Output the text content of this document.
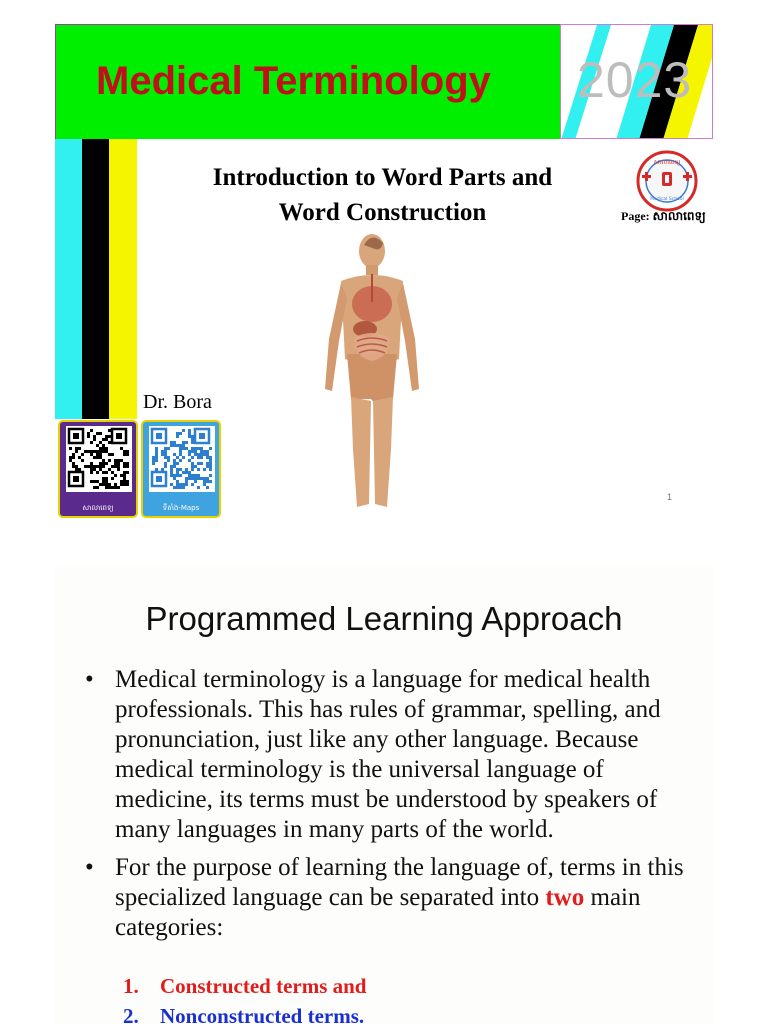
Medical Terminology 2023
Introduction to Word Parts and
Word Construction
សាលាពេទ្យ
Medical School
Page: សាលាពេទ្យ
Dr. Bora
សាលាពេទ្យ	ទីតាំង-Maps
1
Programmed Learning Approach
• Medical terminology is a language for medical health professionals. This has rules of grammar, spelling, and pronunciation, just like any other language. Because medical terminology is the universal language of medicine, its terms must be understood by speakers of many languages in many parts of the world.
• For the purpose of learning the language of, terms in this specialized language can be separated into two main categories:
1. Constructed terms and
2. Nonconstructed terms.
